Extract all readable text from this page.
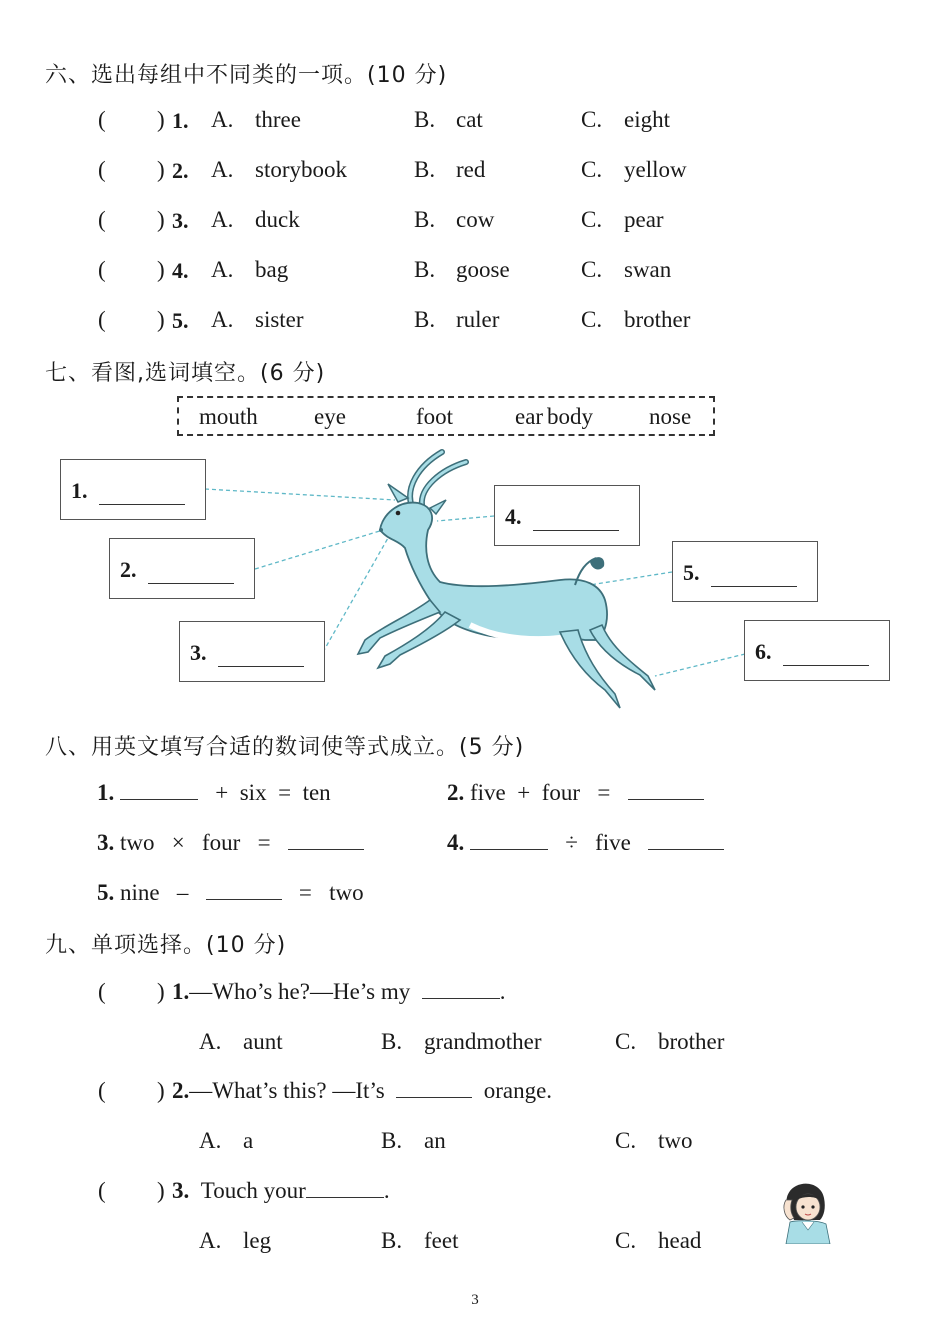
六、选出每组中不同类的一项。(10 分)
( ) 1. A. three	B. cat	C. eight
( ) 2. A. storybook	B. red	C. yellow
( ) 3. A. duck	B. cow	C. pear
( ) 4. A. bag	B. goose	C. swan
( ) 5. A. sister	B. ruler	C. brother
七、看图,选词填空。(6 分)
mouth eye	foot	ear body nose
1.
2.
3.
4.
5.
6.
八、用英文填写合适的数词使等式成立。(5 分)
1.	+ six = ten	2. five + four =
3. two × four =	4.	÷ five
5. nine –	= two
九、单项选择。(10 分)
( ) 1.—Who’s he?—He’s my	.
A. aunt	B. grandmother	C. brother
( ) 2.—What’s this? —It’s	orange.
A. a	B. an	C. two
( ) 3. Touch your	.
A. leg	B. feet	C. head
3
